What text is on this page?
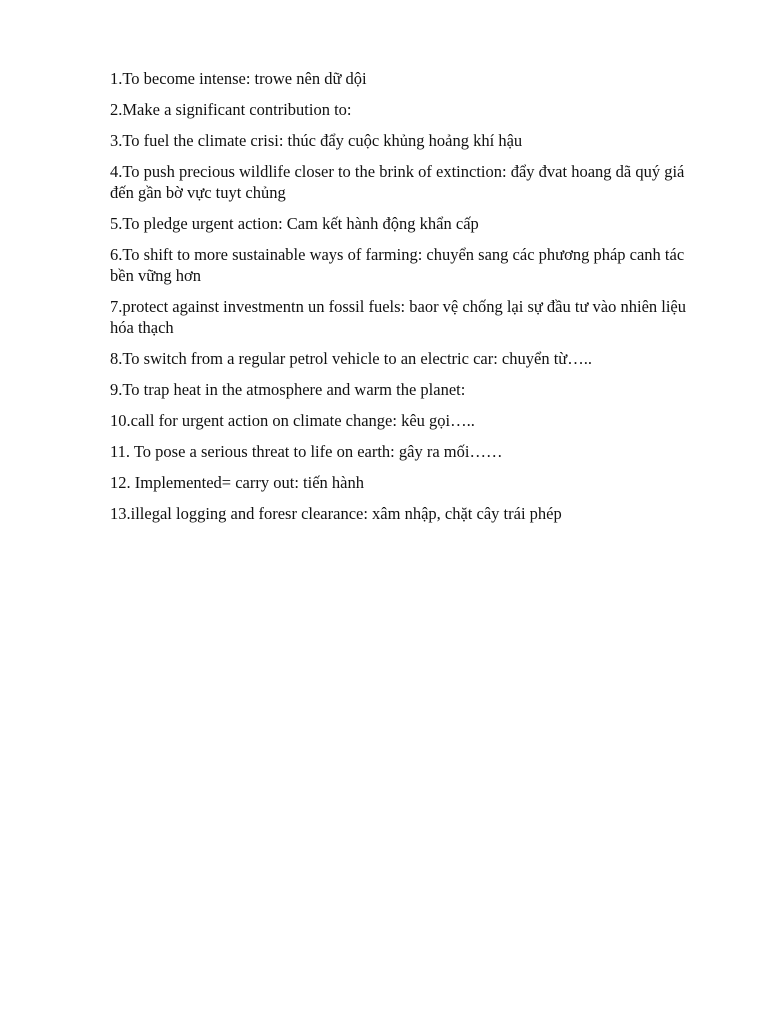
1.To become intense: trowe nên dữ dội

2.Make a significant contribution to:

3.To fuel the climate crisi: thúc đẩy cuộc khủng hoảng khí hậu

4.To push precious wildlife closer to the brink of extinction: đẩy đvat hoang dã quý giá đến gần bờ vực tuyt chủng

5.To pledge urgent action: Cam kết hành động khẩn cấp

6.To shift to more sustainable ways of farming: chuyển sang các phương pháp canh tác bền vững hơn

7.protect against investmentn un fossil fuels: baor vệ chống lại sự đầu tư vào nhiên liệu hóa thạch

8.To switch from a regular petrol vehicle to an electric car: chuyển từ…..

9.To trap heat in the atmosphere and warm the planet:

10.call for urgent action on climate change: kêu gọi…..

11. To pose a serious threat to life on earth: gây ra mối……

12. Implemented= carry out: tiến hành

13.illegal logging and foresr clearance: xâm nhập, chặt cây trái phép
